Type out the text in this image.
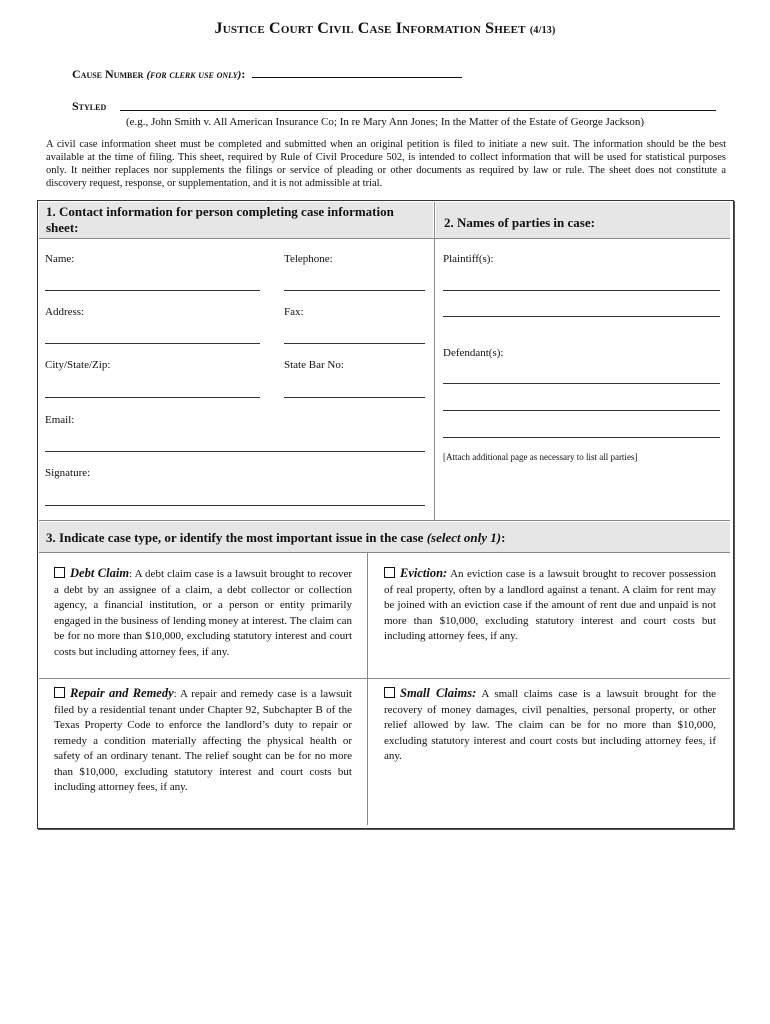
Justice Court Civil Case Information Sheet (4/13)
Cause Number (for clerk use only):
Styled
(e.g., John Smith v. All American Insurance Co; In re Mary Ann Jones; In the Matter of the Estate of George Jackson)
A civil case information sheet must be completed and submitted when an original petition is filed to initiate a new suit. The information should be the best available at the time of filing. This sheet, required by Rule of Civil Procedure 502, is intended to collect information that will be used for statistical purposes only. It neither replaces nor supplements the filings or service of pleading or other documents as required by law or rule. The sheet does not constitute a discovery request, response, or supplementation, and it is not admissible at trial.
1. Contact information for person completing case information sheet:	2. Names of parties in case:
Name:	Telephone:
Address:	Fax:
City/State/Zip:	State Bar No:
Email:
Signature:
Plaintiff(s):
Defendant(s):
[Attach additional page as necessary to list all parties]
3. Indicate case type, or identify the most important issue in the case (select only 1):
Debt Claim: A debt claim case is a lawsuit brought to recover a debt by an assignee of a claim, a debt collector or collection agency, a financial institution, or a person or entity primarily engaged in the business of lending money at interest. The claim can be for no more than $10,000, excluding statutory interest and court costs but including attorney fees, if any.
Eviction: An eviction case is a lawsuit brought to recover possession of real property, often by a landlord against a tenant. A claim for rent may be joined with an eviction case if the amount of rent due and unpaid is not more than $10,000, excluding statutory interest and court costs but including attorney fees, if any.
Repair and Remedy: A repair and remedy case is a lawsuit filed by a residential tenant under Chapter 92, Subchapter B of the Texas Property Code to enforce the landlord’s duty to repair or remedy a condition materially affecting the physical health or safety of an ordinary tenant. The relief sought can be for no more than $10,000, excluding statutory interest and court costs but including attorney fees, if any.
Small Claims: A small claims case is a lawsuit brought for the recovery of money damages, civil penalties, personal property, or other relief allowed by law. The claim can be for no more than $10,000, excluding statutory interest and court costs but including attorney fees, if any.
